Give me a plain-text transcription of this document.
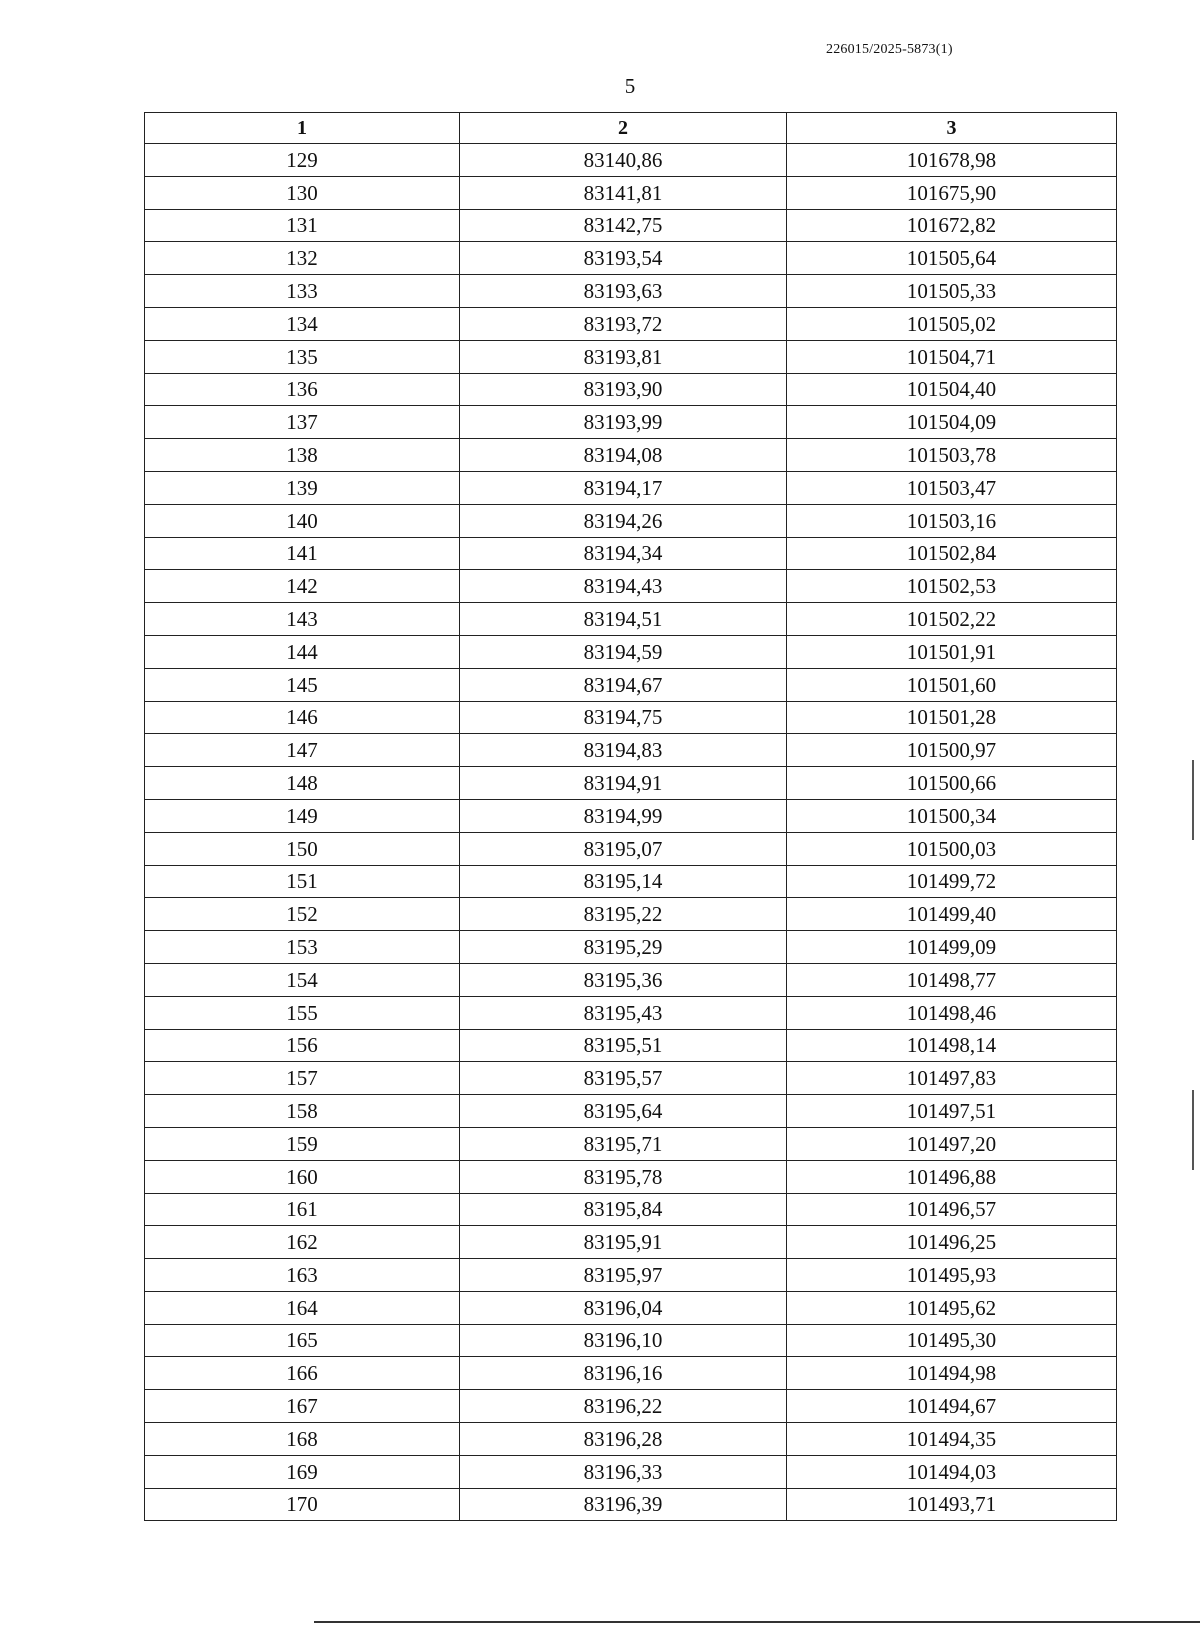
226015/2025-5873(1)
5
1	2	3
129	83140,86	101678,98
130	83141,81	101675,90
131	83142,75	101672,82
132	83193,54	101505,64
133	83193,63	101505,33
134	83193,72	101505,02
135	83193,81	101504,71
136	83193,90	101504,40
137	83193,99	101504,09
138	83194,08	101503,78
139	83194,17	101503,47
140	83194,26	101503,16
141	83194,34	101502,84
142	83194,43	101502,53
143	83194,51	101502,22
144	83194,59	101501,91
145	83194,67	101501,60
146	83194,75	101501,28
147	83194,83	101500,97
148	83194,91	101500,66
149	83194,99	101500,34
150	83195,07	101500,03
151	83195,14	101499,72
152	83195,22	101499,40
153	83195,29	101499,09
154	83195,36	101498,77
155	83195,43	101498,46
156	83195,51	101498,14
157	83195,57	101497,83
158	83195,64	101497,51
159	83195,71	101497,20
160	83195,78	101496,88
161	83195,84	101496,57
162	83195,91	101496,25
163	83195,97	101495,93
164	83196,04	101495,62
165	83196,10	101495,30
166	83196,16	101494,98
167	83196,22	101494,67
168	83196,28	101494,35
169	83196,33	101494,03
170	83196,39	101493,71
